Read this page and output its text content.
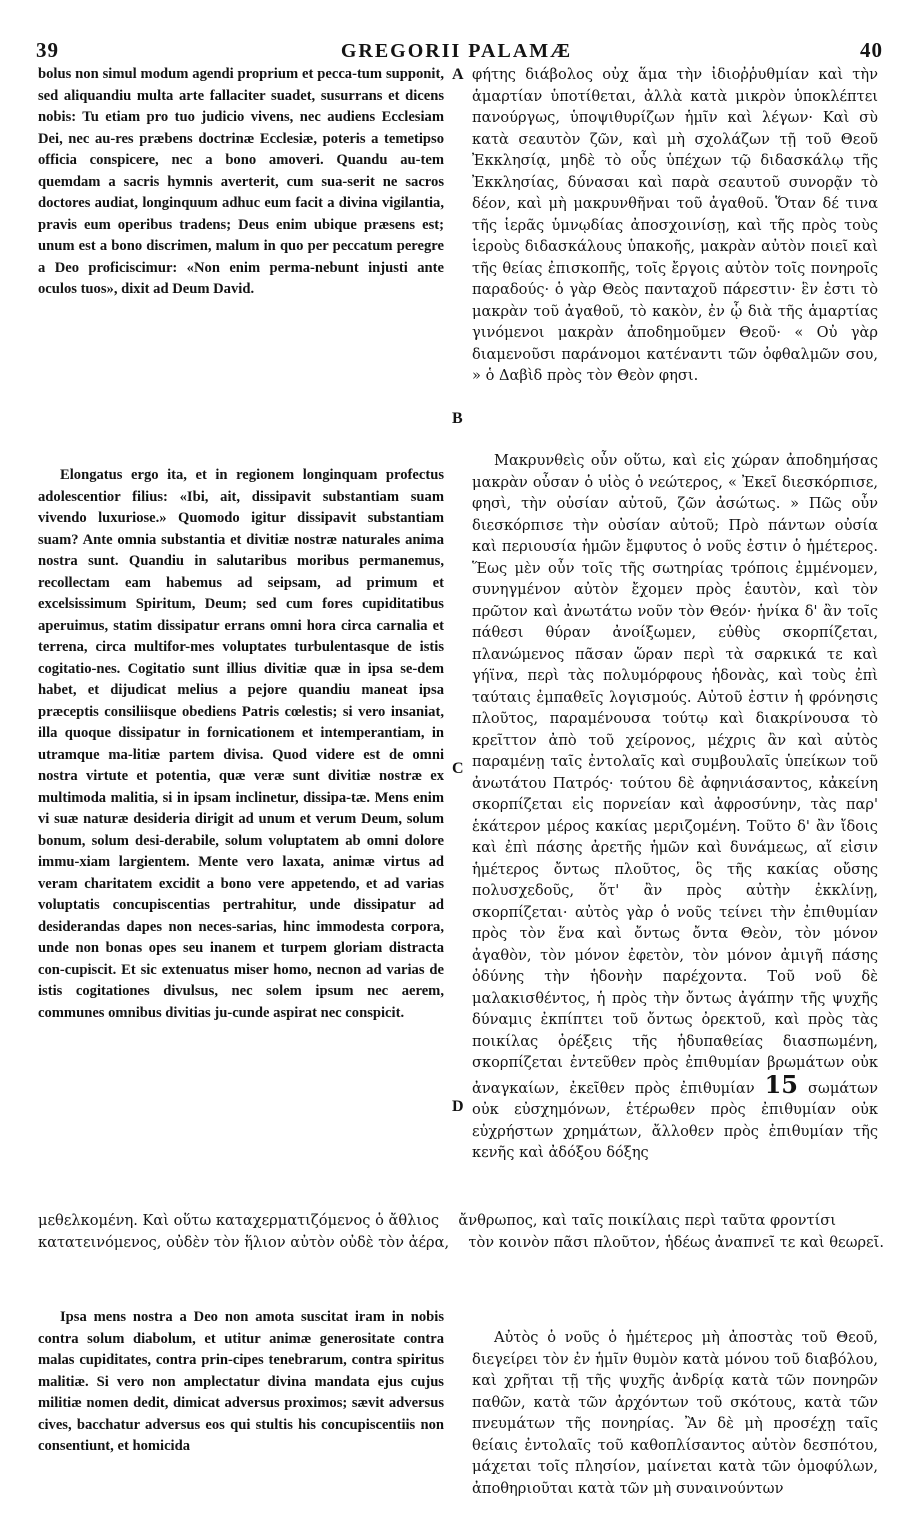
39	GREGORII PALAMÆ	40

bolus non simul modum agendi proprium et pecca-tum supponit, sed aliquandiu multa arte fallaciter suadet, susurrans et dicens nobis: Tu etiam pro tuo judicio vivens, nec audiens Ecclesiam Dei, nec au-res præbens doctrinæ Ecclesiæ, poteris a temetipso officia conspicere, nec a bono amoveri. Quandu au-tem quemdam a sacris hymnis averterit, cum sua-serit ne sacros doctores audiat, longinquum adhuc eum facit a divina vigilantia, pravis eum operibus tradens; Deus enim ubique præsens est; unum est a bono discrimen, malum in quo per peccatum peregre a Deo proficiscimur: «Non enim perma-nebunt injusti ante oculos tuos», dixit ad Deum David.

Elongatus ergo ita, et in regionem longinquam profectus adolescentior filius: «Ibi, ait, dissipavit substantiam suam vivendo luxuriose.» Quomodo igitur dissipavit substantiam suam? Ante omnia substantia et divitiæ nostræ naturales anima nostra sunt. Quandiu in salutaribus moribus permanemus, recollectam eam habemus ad seipsam, ad primum et excelsissimum Spiritum, Deum; sed cum fores cupiditatibus aperuimus, statim dissipatur errans omni hora circa carnalia et terrena, circa multifor-mes voluptates turbulentasque de istis cogitatio-nes. Cogitatio sunt illius divitiæ quæ in ipsa se-dem habet, et dijudicat melius a pejore quandiu maneat ipsa præceptis consiliisque obediens Patris cœlestis; si vero insaniat, illa quoque dissipatur in fornicationem et intemperantiam, in utramque ma-litiæ partem divisa. Quod videre est de omni nostra virtute et potentia, quæ veræ sunt divitiæ nostræ ex multimoda malitia, si in ipsam inclinetur, dissipa-tæ. Mens enim vi suæ naturæ desideria dirigit ad unum et verum Deum, solum bonum, solum desi-derabile, solum voluptatem ab omni dolore immu-xiam largientem. Mente vero laxata, animæ virtus ad veram charitatem excidit a bono vere appetendo, et ad varias voluptatis concupiscentias pertrahitur, unde dissipatur ad desiderandas dapes non neces-sarias, hinc immodesta corpora, unde non bonas opes seu inanem et turpem gloriam distracta con-cupiscit. Et sic extenuatus miser homo, necnon ad varias de istis cogitationes divulsus, nec solem ipsum nec aerem, communes omnibus divitias ju-cunde aspirat nec conspicit.

Ipsa mens nostra a Deo non amota suscitat iram in nobis contra solum diabolum, et utitur animæ generositate contra malas cupiditates, contra prin-cipes tenebrarum, contra spiritus malitiæ. Si vero non amplectatur divina mandata ejus cujus militiæ nomen dedit, dimicat adversus proximos; sævit adversus cives, bacchatur adversus eos qui stultis his concupiscentiis non consentiunt, et homicida

A
B
C
D

φήτης διάβολος οὐχ ἅμα τὴν ἰδιοῤῥυθμίαν καὶ τὴν ἁμαρτίαν ὑποτίθεται, ἀλλὰ κατὰ μικρὸν ὑποκλέπτει πανούργως, ὑποψιθυρίζων ἡμῖν καὶ λέγων· Καὶ σὺ κατὰ σεαυτὸν ζῶν, καὶ μὴ σχολάζων τῇ τοῦ Θεοῦ Ἐκκλησίᾳ, μηδὲ τὸ οὖς ὑπέχων τῷ διδασκάλῳ τῆς Ἐκκλησίας, δύνασαι καὶ παρὰ σεαυτοῦ συνορᾷν τὸ δέον, καὶ μὴ μακρυνθῆναι τοῦ ἀγαθοῦ. Ὅταν δέ τινα τῆς ἱερᾶς ὑμνῳδίας ἀποσχοινίσῃ, καὶ τῆς πρὸς τοὺς ἱεροὺς διδασκάλους ὑπακοῆς, μακρὰν αὐτὸν ποιεῖ καὶ τῆς θείας ἐπισκοπῆς, τοῖς ἔργοις αὐτὸν τοῖς πονηροῖς παραδούς· ὁ γὰρ Θεὸς πανταχοῦ πάρεστιν· ἓν ἐστι τὸ μακρὰν τοῦ ἀγαθοῦ, τὸ κακὸν, ἐν ᾧ διὰ τῆς ἁμαρτίας γινόμενοι μακρὰν ἀποδημοῦμεν Θεοῦ· « Οὐ γὰρ διαμενοῦσι παράνομοι κατέναντι τῶν ὀφθαλμῶν σου, » ὁ Δαβὶδ πρὸς τὸν Θεὸν φησι.

Μακρυνθεὶς οὖν οὕτω, καὶ εἰς χώραν ἀποδημήσας μακρὰν οὖσαν ὁ υἱὸς ὁ νεώτερος, « Ἐκεῖ διεσκόρπισε, φησὶ, τὴν οὐσίαν αὐτοῦ, ζῶν ἀσώτως. » Πῶς οὖν διεσκόρπισε τὴν οὐσίαν αὐτοῦ; Πρὸ πάντων οὐσία καὶ περιουσία ἡμῶν ἔμφυτος ὁ νοῦς ἐστιν ὁ ἡμέτερος. Ἕως μὲν οὖν τοῖς τῆς σωτηρίας τρόποις ἐμμένομεν, συνηγμένον αὐτὸν ἔχομεν πρὸς ἑαυτὸν, καὶ τὸν πρῶτον καὶ ἀνωτάτω νοῦν τὸν Θεόν· ἡνίκα δ' ἂν τοῖς πάθεσι θύραν ἀνοίξωμεν, εὐθὺς σκορπίζεται, πλανώμενος πᾶσαν ὥραν περὶ τὰ σαρκικά τε καὶ γήϊνα, περὶ τὰς πολυμόρφους ἡδονὰς, καὶ τοὺς ἐπὶ ταύταις ἐμπαθεῖς λογισμούς. Αὐτοῦ ἐστιν ἡ φρόνησις πλοῦτος, παραμένουσα τούτῳ καὶ διακρίνουσα τὸ κρεῖττον ἀπὸ τοῦ χείρονος, μέχρις ἂν καὶ αὐτὸς παραμένῃ ταῖς ἐντολαῖς καὶ συμβουλαῖς ὑπείκων τοῦ ἀνωτάτου Πατρός· τούτου δὲ ἀφηνιάσαντος, κἀκείνη σκορπίζεται εἰς πορνείαν καὶ ἀφροσύνην, τὰς παρ' ἑκάτερον μέρος κακίας μεριζομένη. Τοῦτο δ' ἂν ἴδοις καὶ ἐπὶ πάσης ἀρετῆς ἡμῶν καὶ δυνάμεως, αἵ εἰσιν ἡμέτερος ὄντως πλοῦτος, ὃς τῆς κακίας οὔσης πολυσχεδοῦς, ὅτ' ἂν πρὸς αὐτὴν ἐκκλίνῃ, σκορπίζεται· αὐτὸς γὰρ ὁ νοῦς τείνει τὴν ἐπιθυμίαν πρὸς τὸν ἕνα καὶ ὄντως ὄντα Θεὸν, τὸν μόνον ἀγαθὸν, τὸν μόνον ἐφετὸν, τὸν μόνον ἀμιγῆ πάσης ὀδύνης τὴν ἡδονὴν παρέχοντα. Τοῦ νοῦ δὲ μαλακισθέντος, ἡ πρὸς τὴν ὄντως ἀγάπην τῆς ψυχῆς δύναμις ἐκπίπτει τοῦ ὄντως ὀρεκτοῦ, καὶ πρὸς τὰς ποικίλας ὀρέξεις τῆς ἡδυπαθείας διασπωμένη, σκορπίζεται ἐντεῦθεν πρὸς ἐπιθυμίαν βρωμάτων οὐκ ἀναγκαίων, ἐκεῖθεν πρὸς ἐπιθυμίαν 15 σωμάτων οὐκ εὐσχημόνων, ἑτέρωθεν πρὸς ἐπιθυμίαν οὐκ εὐχρήστων χρημάτων, ἄλλοθεν πρὸς ἐπιθυμίαν τῆς κενῆς καὶ ἀδόξου δόξης

Αὐτὸς ὁ νοῦς ὁ ἡμέτερος μὴ ἀποστὰς τοῦ Θεοῦ, διεγείρει τὸν ἐν ἡμῖν θυμὸν κατὰ μόνου τοῦ διαβόλου, καὶ χρῆται τῇ τῆς ψυχῆς ἀνδρίᾳ κατὰ τῶν πονηρῶν παθῶν, κατὰ τῶν ἀρχόντων τοῦ σκότους, κατὰ τῶν πνευμάτων τῆς πονηρίας. Ἂν δὲ μὴ προσέχῃ ταῖς θείαις ἐντολαῖς τοῦ καθοπλίσαντος αὐτὸν δεσπότου, μάχεται τοῖς πλησίον, μαίνεται κατὰ τῶν ὁμοφύλων, ἀποθηριοῦται κατὰ τῶν μὴ συναινούντων

μεθελκομένη. Καὶ οὕτω καταχερματιζόμενος ὁ ἄθλιος ἄνθρωπος, καὶ ταῖς ποικίλαις περὶ ταῦτα φροντίσι
κατατεινόμενος, οὐδὲν τὸν ἥλιον αὐτὸν οὐδὲ τὸν ἀέρα, τὸν κοινὸν πᾶσι πλοῦτον, ἡδέως ἀναπνεῖ τε καὶ θεωρεῖ.
